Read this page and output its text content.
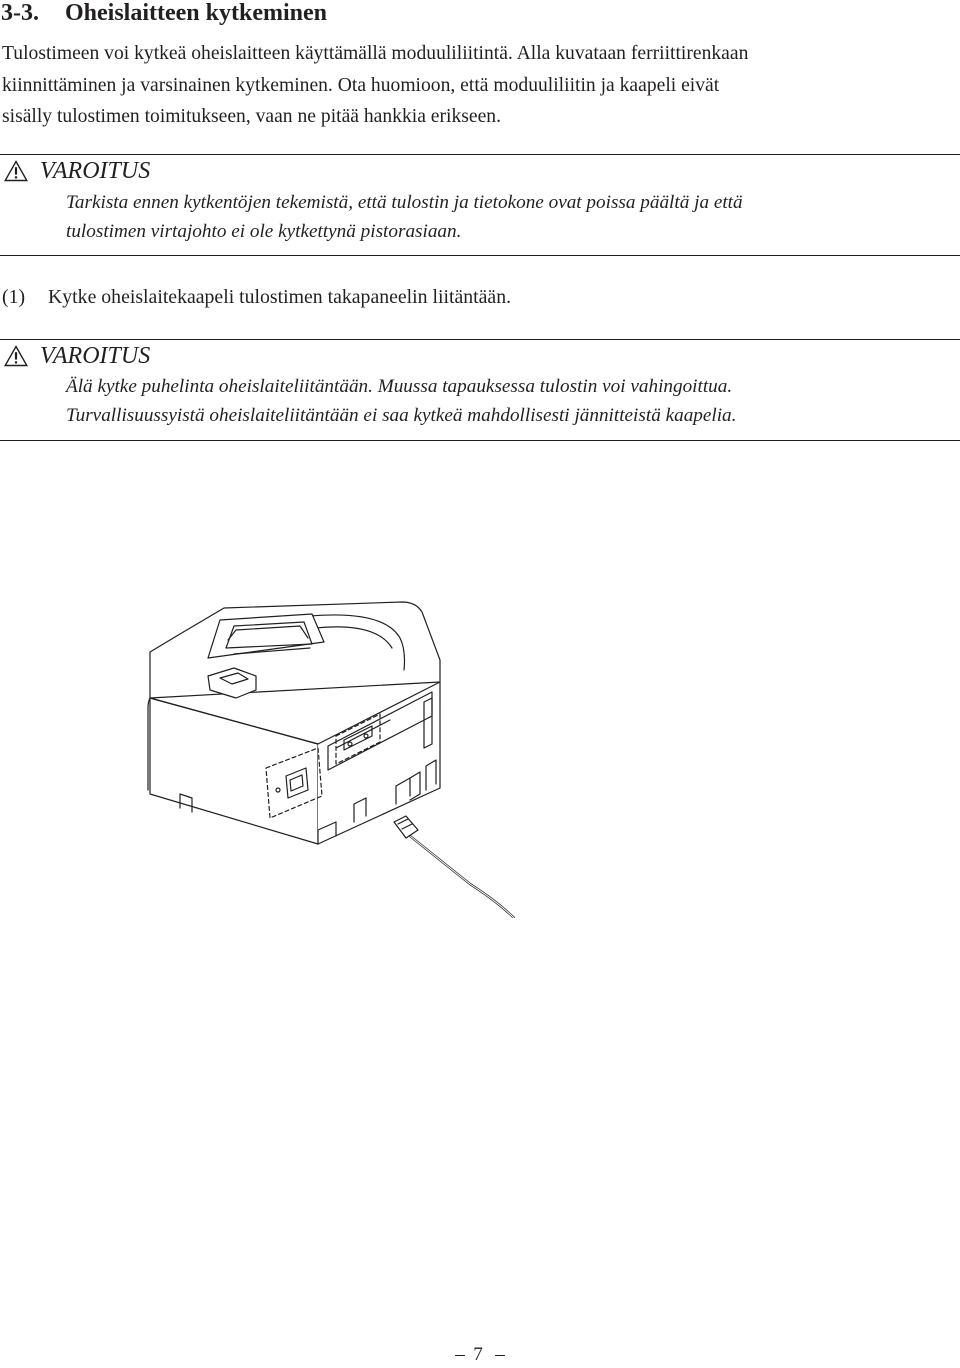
3-3. Oheislaitteen kytkeminen
Tulostimeen voi kytkeä oheislaitteen käyttämällä moduuliliitintä. Alla kuvataan ferriittirenkaan
kiinnittäminen ja varsinainen kytkeminen. Ota huomioon, että moduuliliitin ja kaapeli eivät
sisälly tulostimen toimitukseen, vaan ne pitää hankkia erikseen.
VAROITUS
Tarkista ennen kytkentöjen tekemistä, että tulostin ja tietokone ovat poissa päältä ja että
tulostimen virtajohto ei ole kytkettynä pistorasiaan.

(1) Kytke oheislaitekaapeli tulostimen takapaneelin liitäntään.

VAROITUS
Älä kytke puhelinta oheislaiteliitäntään. Muussa tapauksessa tulostin voi vahingoittua.
Turvallisuussyistä oheislaiteliitäntään ei saa kytkeä mahdollisesti jännitteistä kaapelia.
7
